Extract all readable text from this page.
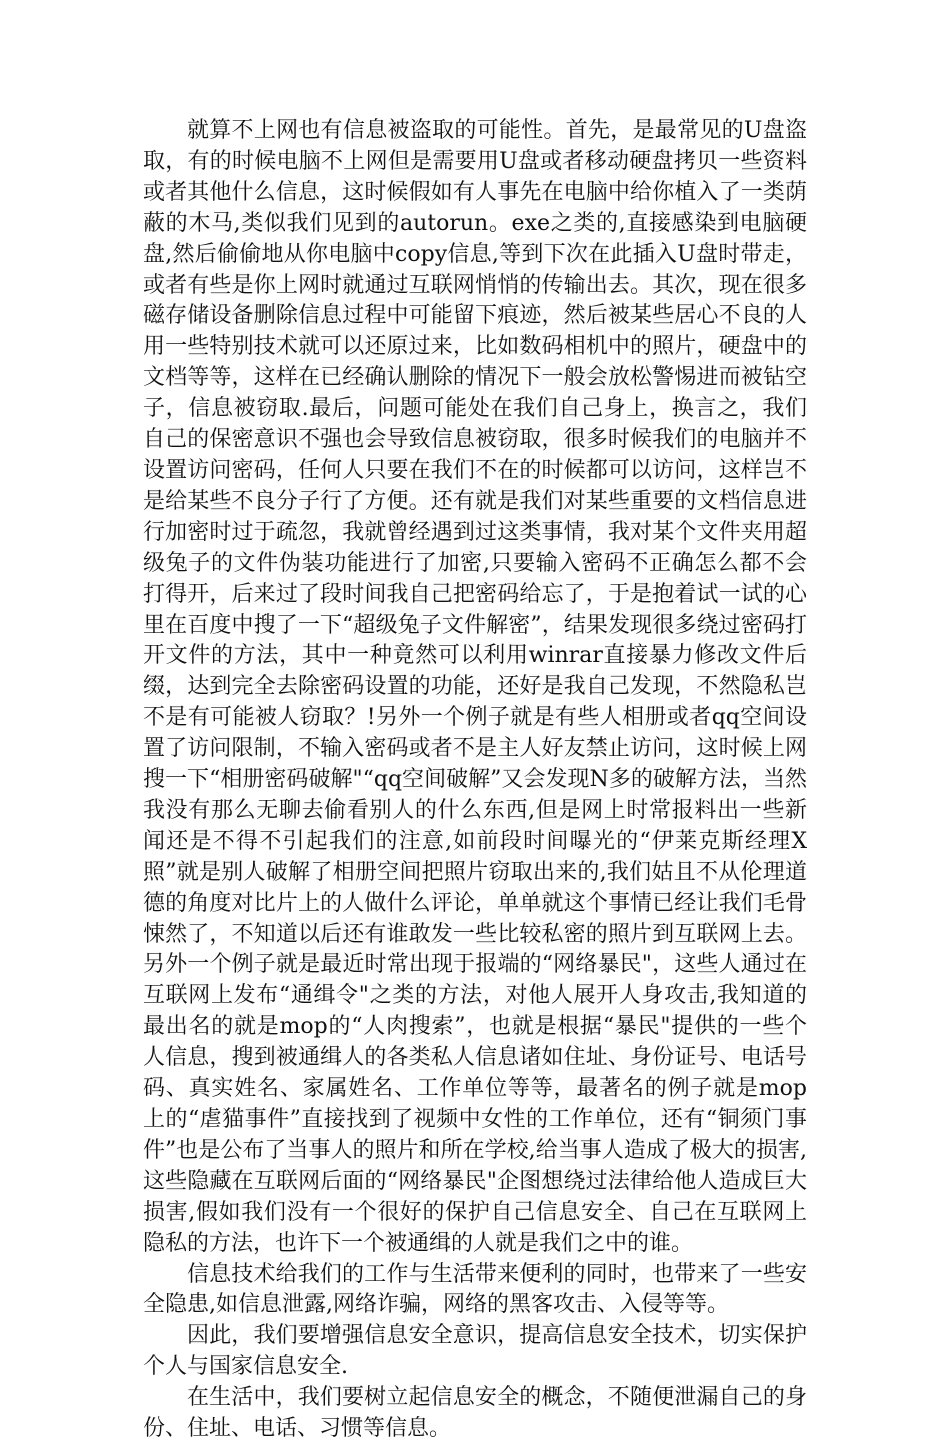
就算不上网也有信息被盗取的可能性。首先，是最常见的U盘盗取，有的时候电脑不上网但是需要用U盘或者移动硬盘拷贝一些资料或者其他什么信息，这时候假如有人事先在电脑中给你植入了一类荫蔽的木马,类似我们见到的autorun。exe之类的,直接感染到电脑硬盘,然后偷偷地从你电脑中copy信息,等到下次在此插入U盘时带走，或者有些是你上网时就通过互联网悄悄的传输出去。其次，现在很多磁存储设备删除信息过程中可能留下痕迹，然后被某些居心不良的人用一些特别技术就可以还原过来，比如数码相机中的照片，硬盘中的文档等等，这样在已经确认删除的情况下一般会放松警惕进而被钻空子，信息被窃取.最后，问题可能处在我们自己身上，换言之，我们自己的保密意识不强也会导致信息被窃取，很多时候我们的电脑并不设置访问密码，任何人只要在我们不在的时候都可以访问，这样岂不是给某些不良分子行了方便。还有就是我们对某些重要的文档信息进行加密时过于疏忽，我就曾经遇到过这类事情，我对某个文件夹用超级兔子的文件伪装功能进行了加密,只要输入密码不正确怎么都不会打得开，后来过了段时间我自己把密码给忘了，于是抱着试一试的心里在百度中搜了一下“超级兔子文件解密”，结果发现很多绕过密码打开文件的方法，其中一种竟然可以利用winrar直接暴力修改文件后缀，达到完全去除密码设置的功能，还好是我自己发现，不然隐私岂不是有可能被人窃取？!另外一个例子就是有些人相册或者qq空间设置了访问限制，不输入密码或者不是主人好友禁止访问，这时候上网搜一下“相册密码破解"“qq空间破解”又会发现N多的破解方法，当然我没有那么无聊去偷看别人的什么东西,但是网上时常报料出一些新闻还是不得不引起我们的注意,如前段时间曝光的“伊莱克斯经理X照”就是别人破解了相册空间把照片窃取出来的,我们姑且不从伦理道德的角度对比片上的人做什么评论，单单就这个事情已经让我们毛骨悚然了，不知道以后还有谁敢发一些比较私密的照片到互联网上去。另外一个例子就是最近时常出现于报端的“网络暴民"，这些人通过在互联网上发布“通缉令"之类的方法，对他人展开人身攻击,我知道的最出名的就是mop的“人肉搜索”，也就是根据“暴民"提供的一些个人信息，搜到被通缉人的各类私人信息诸如住址、身份证号、电话号码、真实姓名、家属姓名、工作单位等等，最著名的例子就是mop上的“虐猫事件”直接找到了视频中女性的工作单位，还有“铜须门事件”也是公布了当事人的照片和所在学校,给当事人造成了极大的损害,这些隐藏在互联网后面的“网络暴民"企图想绕过法律给他人造成巨大损害,假如我们没有一个很好的保护自己信息安全、自己在互联网上隐私的方法，也许下一个被通缉的人就是我们之中的谁。

信息技术给我们的工作与生活带来便利的同时，也带来了一些安全隐患,如信息泄露,网络诈骗，网络的黑客攻击、入侵等等。

因此，我们要增强信息安全意识，提高信息安全技术，切实保护个人与国家信息安全.

在生活中，我们要树立起信息安全的概念，不随便泄漏自己的身份、住址、电话、习惯等信息。
